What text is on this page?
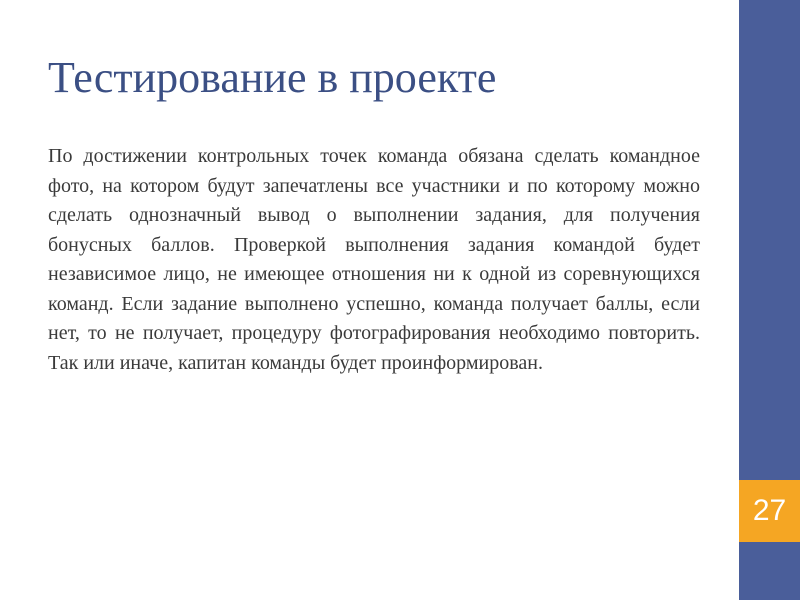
Тестирование в проекте

По достижении контрольных точек команда обязана сделать командное фото, на котором будут запечатлены все участники и по которому можно сделать однозначный вывод о выполнении задания, для получения бонусных баллов. Проверкой выполнения задания командой будет независимое лицо, не имеющее отношения ни к одной из соревнующихся команд. Если задание выполнено успешно, команда получает баллы, если нет, то не получает, процедуру фотографирования необходимо повторить. Так или иначе, капитан команды будет проинформирован.

27
